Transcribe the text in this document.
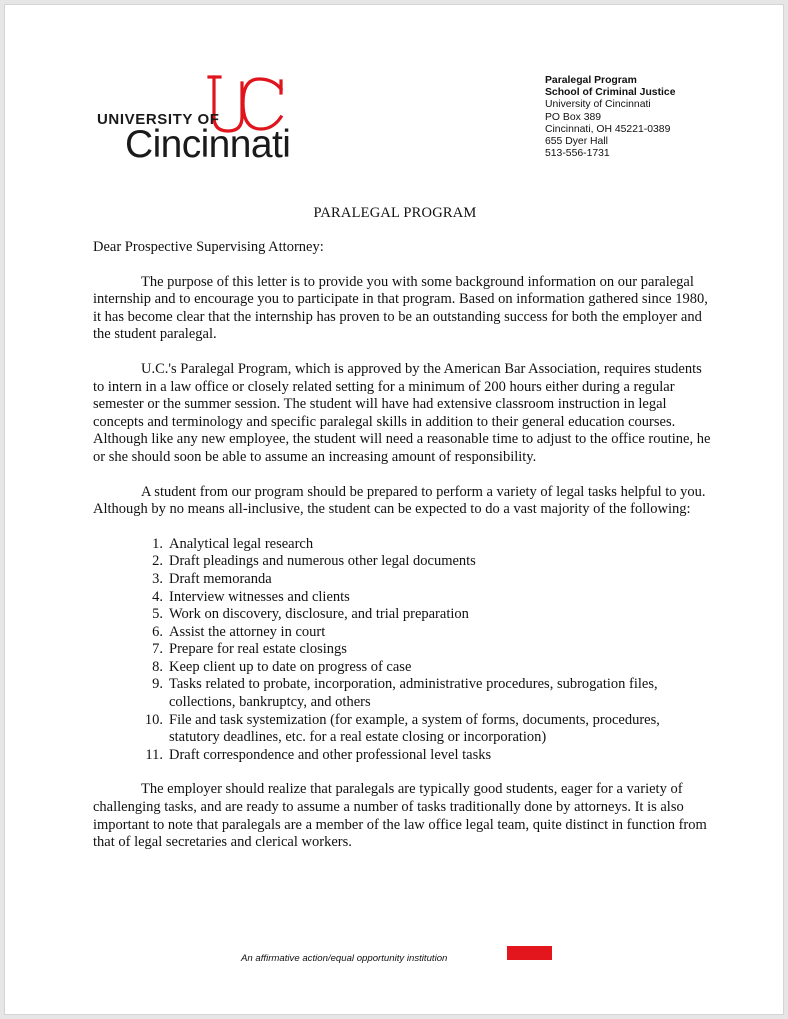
UNIVERSITY OF
Cincinnati
Paralegal Program
School of Criminal Justice
University of Cincinnati
PO Box 389
Cincinnati, OH 45221-0389
655 Dyer Hall
513-556-1731
PARALEGAL PROGRAM

Dear Prospective Supervising Attorney:

The purpose of this letter is to provide you with some background information on our paralegal internship and to encourage you to participate in that program. Based on information gathered since 1980, it has become clear that the internship has proven to be an outstanding success for both the employer and the student paralegal.

U.C.'s Paralegal Program, which is approved by the American Bar Association, requires students to intern in a law office or closely related setting for a minimum of 200 hours either during a regular semester or the summer session. The student will have had extensive classroom instruction in legal concepts and terminology and specific paralegal skills in addition to their general education courses. Although like any new employee, the student will need a reasonable time to adjust to the office routine, he or she should soon be able to assume an increasing amount of responsibility.

A student from our program should be prepared to perform a variety of legal tasks helpful to you. Although by no means all-inclusive, the student can be expected to do a vast majority of the following:

1. Analytical legal research
2. Draft pleadings and numerous other legal documents
3. Draft memoranda
4. Interview witnesses and clients
5. Work on discovery, disclosure, and trial preparation
6. Assist the attorney in court
7. Prepare for real estate closings
8. Keep client up to date on progress of case
9. Tasks related to probate, incorporation, administrative procedures, subrogation files, collections, bankruptcy, and others
10. File and task systemization (for example, a system of forms, documents, procedures, statutory deadlines, etc. for a real estate closing or incorporation)
11. Draft correspondence and other professional level tasks

The employer should realize that paralegals are typically good students, eager for a variety of challenging tasks, and are ready to assume a number of tasks traditionally done by attorneys. It is also important to note that paralegals are a member of the law office legal team, quite distinct in function from that of legal secretaries and clerical workers.

An affirmative action/equal opportunity institution
